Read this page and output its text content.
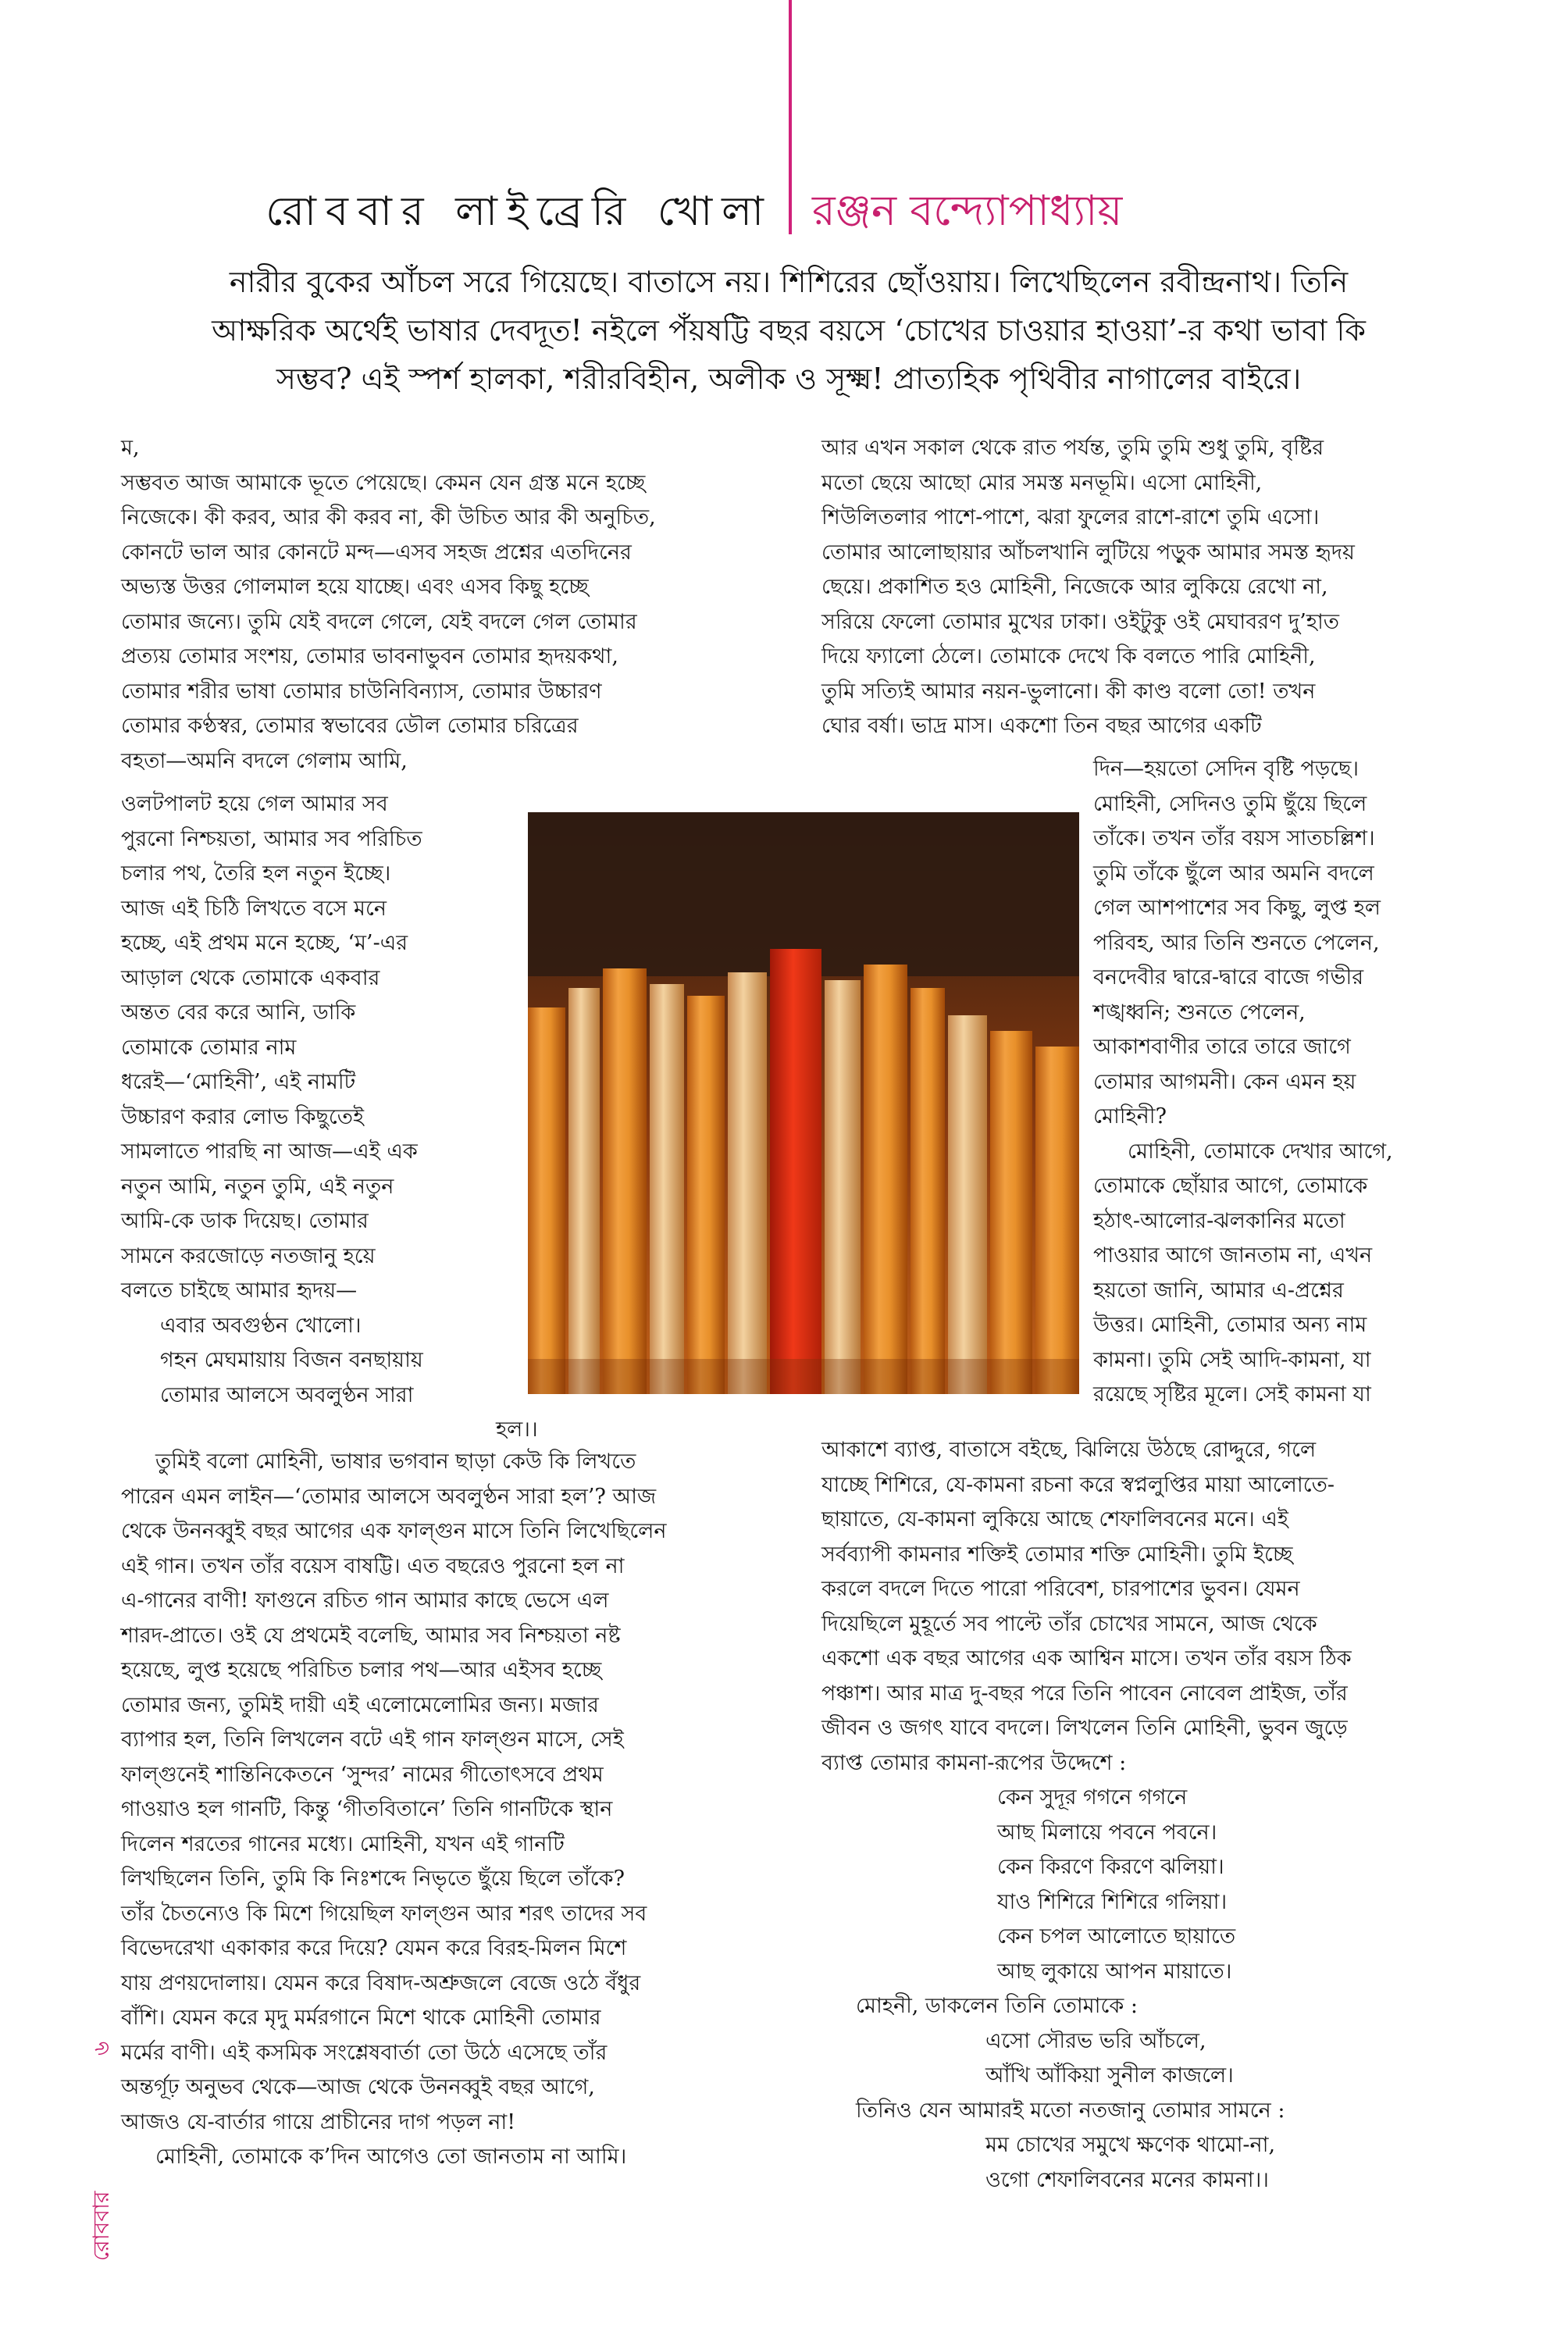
রোববার লাইব্রেরি খোলা রঞ্জন বন্দ্যোপাধ্যায়

নারীর বুকের আঁচল সরে গিয়েছে। বাতাসে নয়। শিশিরের ছোঁওয়ায়। লিখেছিলেন রবীন্দ্রনাথ। তিনি

আক্ষরিক অর্থেই ভাষার দেবদূত! নইলে পঁয়ষট্টি বছর বয়সে ‘চোখের চাওয়ার হাওয়া’-র কথা ভাবা কি

সম্ভব? এই স্পর্শ হালকা, শরীরবিহীন, অলীক ও সূক্ষ্ম! প্রাত্যহিক পৃথিবীর নাগালের বাইরে।

ম,

সম্ভবত আজ আমাকে ভূতে পেয়েছে। কেমন যেন গ্রস্ত মনে হচ্ছে

নিজেকে। কী করব, আর কী করব না, কী উচিত আর কী অনুচিত,

কোনটে ভাল আর কোনটে মন্দ—এসব সহজ প্রশ্নের এতদিনের

অভ্যস্ত উত্তর গোলমাল হয়ে যাচ্ছে। এবং এসব কিছু হচ্ছে

তোমার জন্যে। তুমি যেই বদলে গেলে, যেই বদলে গেল তোমার

প্রত্যয় তোমার সংশয়, তোমার ভাবনাভুবন তোমার হৃদয়কথা,

তোমার শরীর ভাষা তোমার চাউনিবিন্যাস, তোমার উচ্চারণ

তোমার কণ্ঠস্বর, তোমার স্বভাবের ডৌল তোমার চরিত্রের

বহতা—অমনি বদলে গেলাম আমি,

ওলটপালট হয়ে গেল আমার সব

পুরনো নিশ্চয়তা, আমার সব পরিচিত

চলার পথ, তৈরি হল নতুন ইচ্ছে।

আজ এই চিঠি লিখতে বসে মনে

হচ্ছে, এই প্রথম মনে হচ্ছে, ‘ম’-এর

আড়াল থেকে তোমাকে একবার

অন্তত বের করে আনি, ডাকি

তোমাকে তোমার নাম

ধরেই—‘মোহিনী’, এই নামটি

উচ্চারণ করার লোভ কিছুতেই

সামলাতে পারছি না আজ—এই এক

নতুন আমি, নতুন তুমি, এই নতুন

আমি-কে ডাক দিয়েছ। তোমার

সামনে করজোড়ে নতজানু হয়ে

বলতে চাইছে আমার হৃদয়—

এবার অবগুণ্ঠন খোলো।

গহন মেঘমায়ায় বিজন বনছায়ায়

তোমার আলসে অবলুণ্ঠন সারা

হল।।

তুমিই বলো মোহিনী, ভাষার ভগবান ছাড়া কেউ কি লিখতে

পারেন এমন লাইন—‘তোমার আলসে অবলুণ্ঠন সারা হল’? আজ

থেকে উননব্বুই বছর আগের এক ফাল্গুন মাসে তিনি লিখেছিলেন

এই গান। তখন তাঁর বয়েস বাষট্টি। এত বছরেও পুরনো হল না

এ-গানের বাণী! ফাগুনে রচিত গান আমার কাছে ভেসে এল

শারদ-প্রাতে। ওই যে প্রথমেই বলেছি, আমার সব নিশ্চয়তা নষ্ট

হয়েছে, লুপ্ত হয়েছে পরিচিত চলার পথ—আর এইসব হচ্ছে

তোমার জন্য, তুমিই দায়ী এই এলোমেলোমির জন্য। মজার

ব্যাপার হল, তিনি লিখলেন বটে এই গান ফাল্গুন মাসে, সেই

ফাল্গুনেই শান্তিনিকেতনে ‘সুন্দর’ নামের গীতোৎসবে প্রথম

গাওয়াও হল গানটি, কিন্তু ‘গীতবিতানে’ তিনি গানটিকে স্থান

দিলেন শরতের গানের মধ্যে। মোহিনী, যখন এই গানটি

লিখছিলেন তিনি, তুমি কি নিঃশব্দে নিভৃতে ছুঁয়ে ছিলে তাঁকে?

তাঁর চৈতন্যেও কি মিশে গিয়েছিল ফাল্গুন আর শরৎ তাদের সব

বিভেদরেখা একাকার করে দিয়ে? যেমন করে বিরহ-মিলন মিশে

যায় প্রণয়দোলায়। যেমন করে বিষাদ-অশ্রুজলে বেজে ওঠে বঁধুর

বাঁশি। যেমন করে মৃদু মর্মরগানে মিশে থাকে মোহিনী তোমার

মর্মের বাণী। এই কসমিক সংশ্লেষবার্তা তো উঠে এসেছে তাঁর

অন্তর্গূঢ় অনুভব থেকে—আজ থেকে উননব্বুই বছর আগে,

আজও যে-বার্তার গায়ে প্রাচীনের দাগ পড়ল না!

মোহিনী, তোমাকে ক’দিন আগেও তো জানতাম না আমি।

আর এখন সকাল থেকে রাত পর্যন্ত, তুমি তুমি শুধু তুমি, বৃষ্টির

মতো ছেয়ে আছো মোর সমস্ত মনভূমি। এসো মোহিনী,

শিউলিতলার পাশে-পাশে, ঝরা ফুলের রাশে-রাশে তুমি এসো।

তোমার আলোছায়ার আঁচলখানি লুটিয়ে পড়ুক আমার সমস্ত হৃদয়

ছেয়ে। প্রকাশিত হও মোহিনী, নিজেকে আর লুকিয়ে রেখো না,

সরিয়ে ফেলো তোমার মুখের ঢাকা। ওইটুকু ওই মেঘাবরণ দু’হাত

দিয়ে ফ্যালো ঠেলে। তোমাকে দেখে কি বলতে পারি মোহিনী,

তুমি সত্যিই আমার নয়ন-ভুলানো। কী কাণ্ড বলো তো! তখন

ঘোর বর্ষা। ভাদ্র মাস। একশো তিন বছর আগের একটি

দিন—হয়তো সেদিন বৃষ্টি পড়ছে।

মোহিনী, সেদিনও তুমি ছুঁয়ে ছিলে

তাঁকে। তখন তাঁর বয়স সাতচল্লিশ।

তুমি তাঁকে ছুঁলে আর অমনি বদলে

গেল আশপাশের সব কিছু, লুপ্ত হল

পরিবহ, আর তিনি শুনতে পেলেন,

বনদেবীর দ্বারে-দ্বারে বাজে গভীর

শঙ্খধ্বনি; শুনতে পেলেন,

আকাশবাণীর তারে তারে জাগে

তোমার আগমনী। কেন এমন হয়

মোহিনী?

মোহিনী, তোমাকে দেখার আগে,

তোমাকে ছোঁয়ার আগে, তোমাকে

হঠাৎ-আলোর-ঝলকানির মতো

পাওয়ার আগে জানতাম না, এখন

হয়তো জানি, আমার এ-প্রশ্নের

উত্তর। মোহিনী, তোমার অন্য নাম

কামনা। তুমি সেই আদি-কামনা, যা

রয়েছে সৃষ্টির মূলে। সেই কামনা যা

আকাশে ব্যাপ্ত, বাতাসে বইছে, ঝিলিয়ে উঠছে রোদ্দুরে, গলে

যাচ্ছে শিশিরে, যে-কামনা রচনা করে স্বপ্নলুপ্তির মায়া আলোতে-

ছায়াতে, যে-কামনা লুকিয়ে আছে শেফালিবনের মনে। এই

সর্বব্যাপী কামনার শক্তিই তোমার শক্তি মোহিনী। তুমি ইচ্ছে

করলে বদলে দিতে পারো পরিবেশ, চারপাশের ভুবন। যেমন

দিয়েছিলে মুহূর্তে সব পাল্টে তাঁর চোখের সামনে, আজ থেকে

একশো এক বছর আগের এক আশ্বিন মাসে। তখন তাঁর বয়স ঠিক

পঞ্চাশ। আর মাত্র দু-বছর পরে তিনি পাবেন নোবেল প্রাইজ, তাঁর

জীবন ও জগৎ যাবে বদলে। লিখলেন তিনি মোহিনী, ভুবন জুড়ে

ব্যাপ্ত তোমার কামনা-রূপের উদ্দেশে :

কেন সুদূর গগনে গগনে

আছ মিলায়ে পবনে পবনে।

কেন কিরণে কিরণে ঝলিয়া।

যাও শিশিরে শিশিরে গলিয়া।

কেন চপল আলোতে ছায়াতে

আছ লুকায়ে আপন মায়াতে।

মোহনী, ডাকলেন তিনি তোমাকে :

এসো সৌরভ ভরি আঁচলে,

আঁখি আঁকিয়া সুনীল কাজলে।

তিনিও যেন আমারই মতো নতজানু তোমার সামনে :

মম চোখের সমুখে ক্ষণেক থামো-না,

ওগো শেফালিবনের মনের কামনা।।

৬
রোববার
